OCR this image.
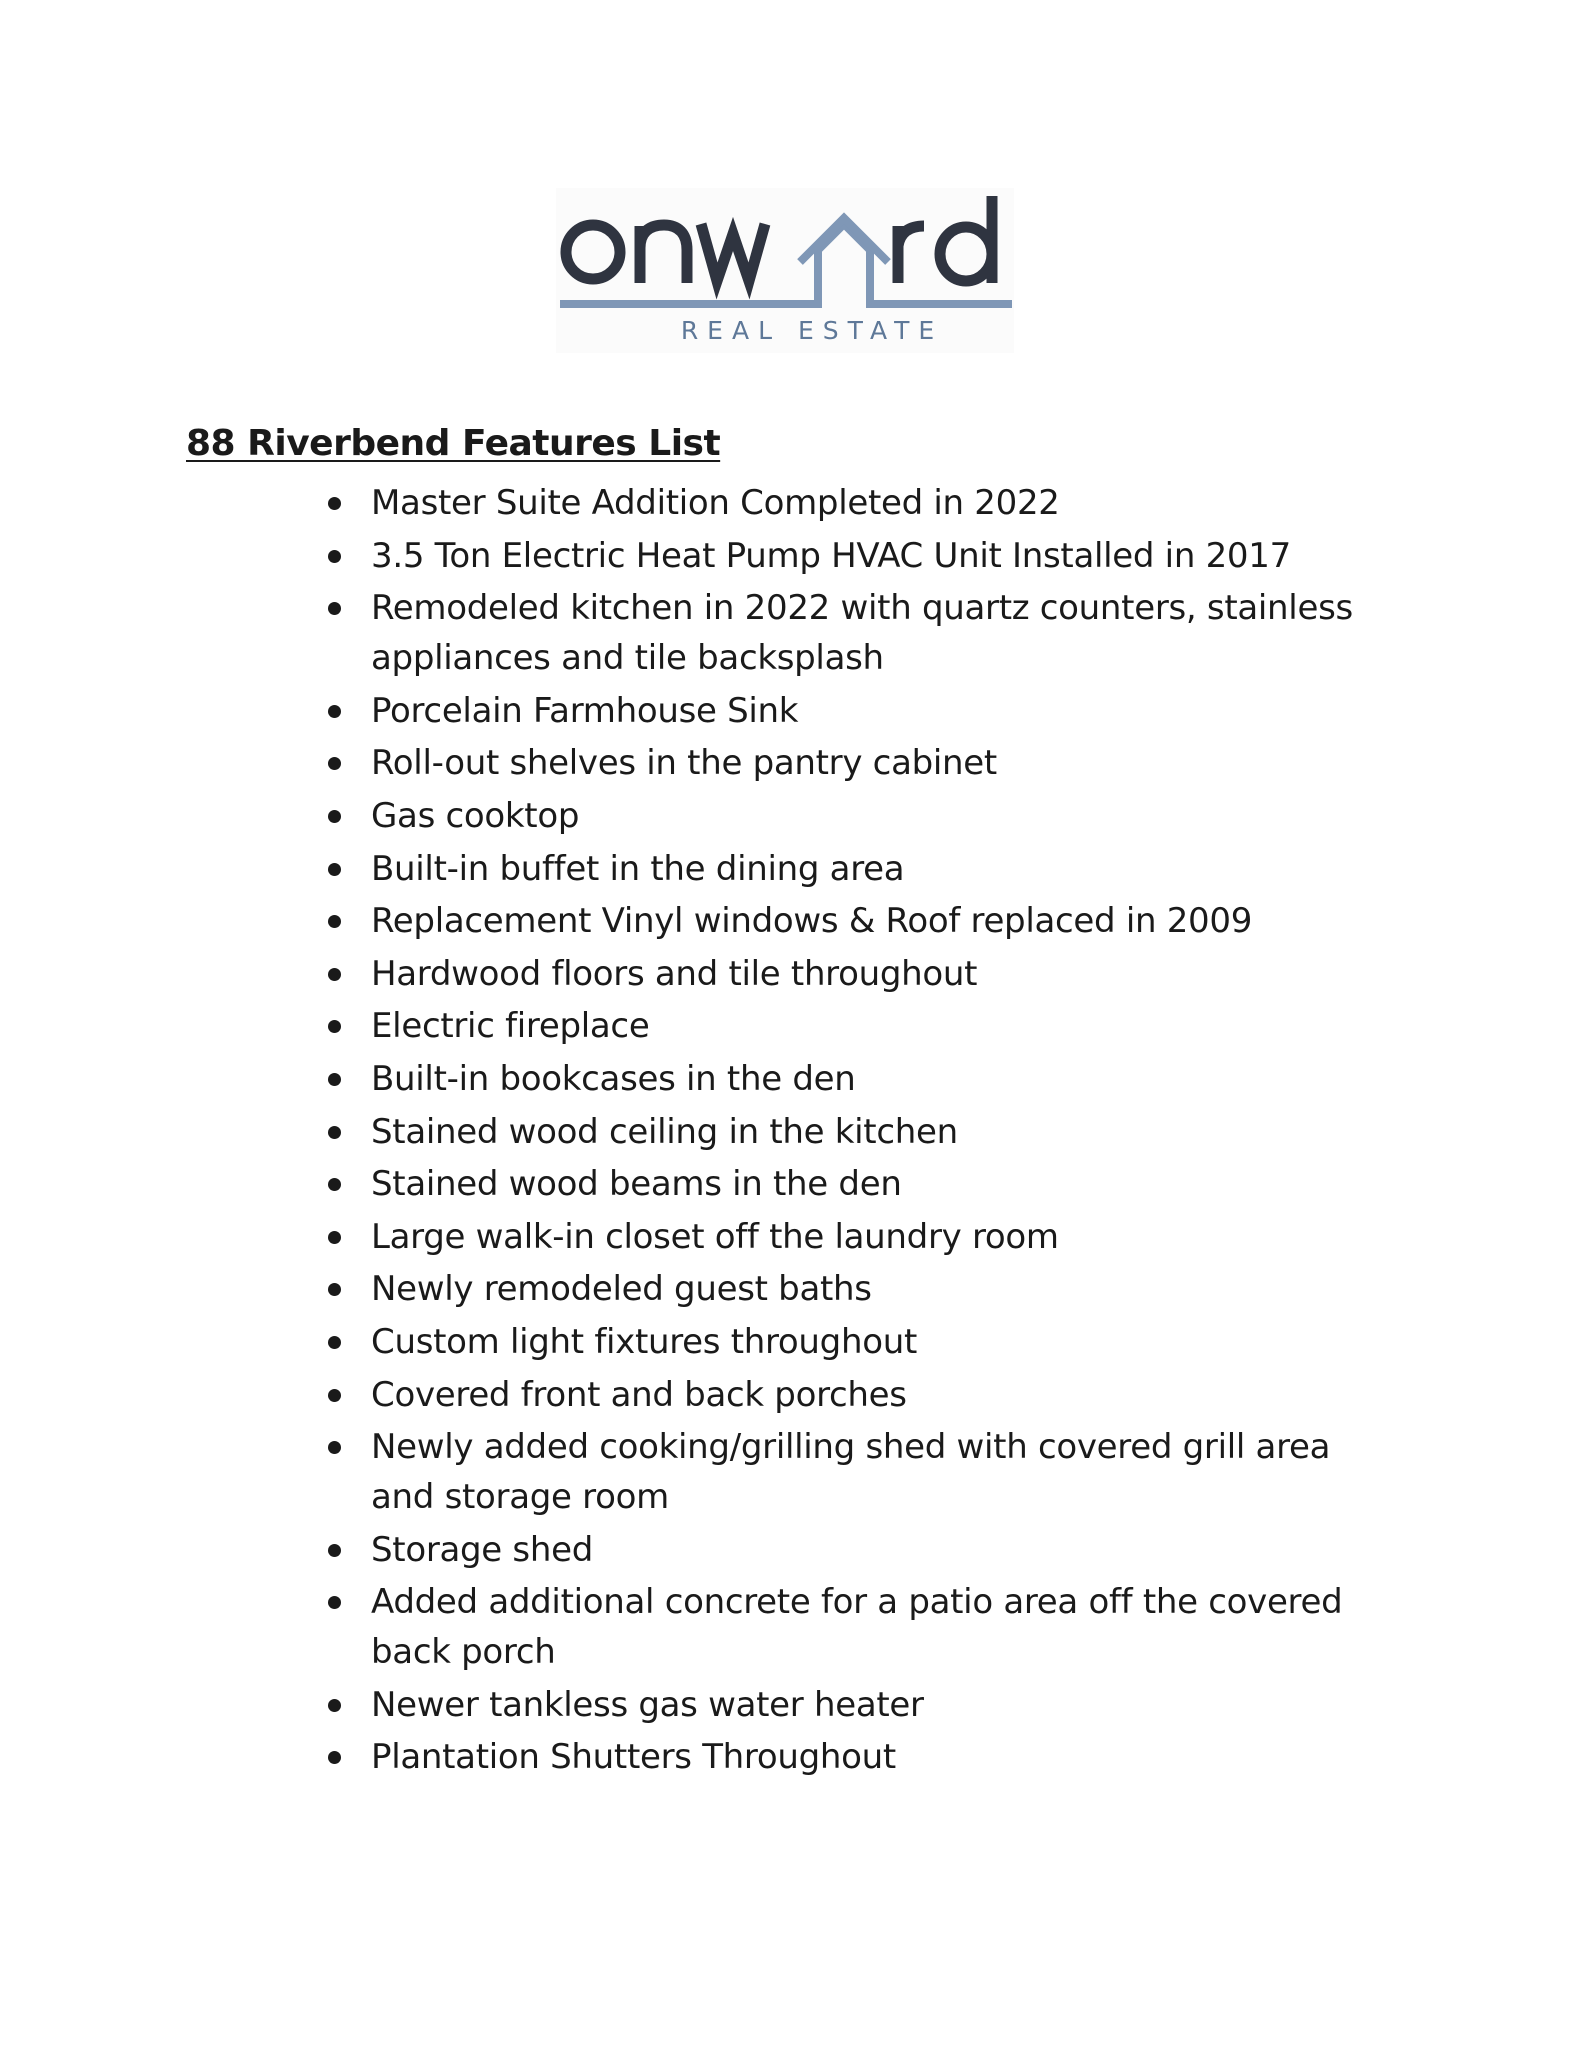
REAL ESTATE
88 Riverbend Features List
Master Suite Addition Completed in 2022
3.5 Ton Electric Heat Pump HVAC Unit Installed in 2017
Remodeled kitchen in 2022 with quartz counters, stainless appliances and tile backsplash
Porcelain Farmhouse Sink
Roll-out shelves in the pantry cabinet
Gas cooktop
Built-in buffet in the dining area
Replacement Vinyl windows & Roof replaced in 2009
Hardwood floors and tile throughout
Electric fireplace
Built-in bookcases in the den
Stained wood ceiling in the kitchen
Stained wood beams in the den
Large walk-in closet off the laundry room
Newly remodeled guest baths
Custom light fixtures throughout
Covered front and back porches
Newly added cooking/grilling shed with covered grill area and storage room
Storage shed
Added additional concrete for a patio area off the covered back porch
Newer tankless gas water heater
Plantation Shutters Throughout
